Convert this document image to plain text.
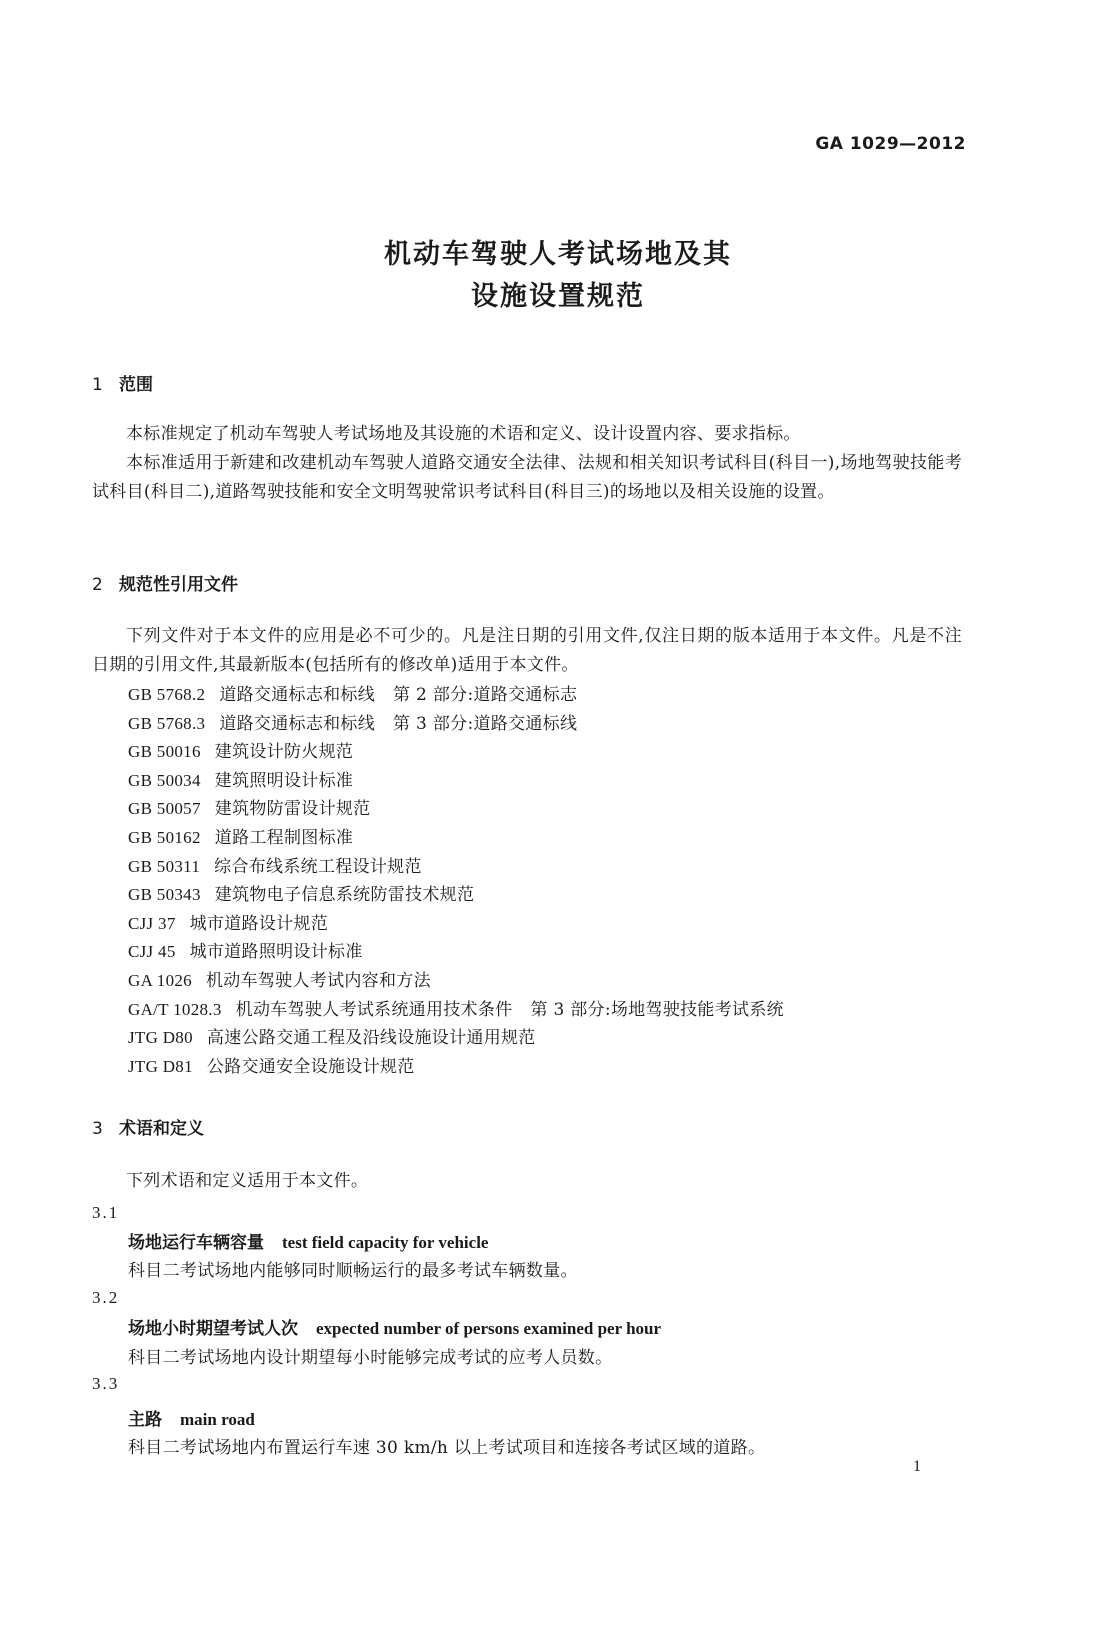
GA 1029—2012
机动车驾驶人考试场地及其
设施设置规范
1 范围
本标准规定了机动车驾驶人考试场地及其设施的术语和定义、设计设置内容、要求指标。
本标准适用于新建和改建机动车驾驶人道路交通安全法律、法规和相关知识考试科目(科目一),场地驾驶技能考试科目(科目二),道路驾驶技能和安全文明驾驶常识考试科目(科目三)的场地以及相关设施的设置。
2 规范性引用文件
下列文件对于本文件的应用是必不可少的。凡是注日期的引用文件,仅注日期的版本适用于本文件。凡是不注日期的引用文件,其最新版本(包括所有的修改单)适用于本文件。
GB 5768.2 道路交通标志和标线 第 2 部分:道路交通标志
GB 5768.3 道路交通标志和标线 第 3 部分:道路交通标线
GB 50016 建筑设计防火规范
GB 50034 建筑照明设计标准
GB 50057 建筑物防雷设计规范
GB 50162 道路工程制图标准
GB 50311 综合布线系统工程设计规范
GB 50343 建筑物电子信息系统防雷技术规范
CJJ 37 城市道路设计规范
CJJ 45 城市道路照明设计标准
GA 1026 机动车驾驶人考试内容和方法
GA/T 1028.3 机动车驾驶人考试系统通用技术条件 第 3 部分:场地驾驶技能考试系统
JTG D80 高速公路交通工程及沿线设施设计通用规范
JTG D81 公路交通安全设施设计规范
3 术语和定义
下列术语和定义适用于本文件。
3.1
场地运行车辆容量 test field capacity for vehicle
科目二考试场地内能够同时顺畅运行的最多考试车辆数量。
3.2
场地小时期望考试人次 expected number of persons examined per hour
科目二考试场地内设计期望每小时能够完成考试的应考人员数。
3.3
主路 main road
科目二考试场地内布置运行车速 30 km/h 以上考试项目和连接各考试区域的道路。
1
